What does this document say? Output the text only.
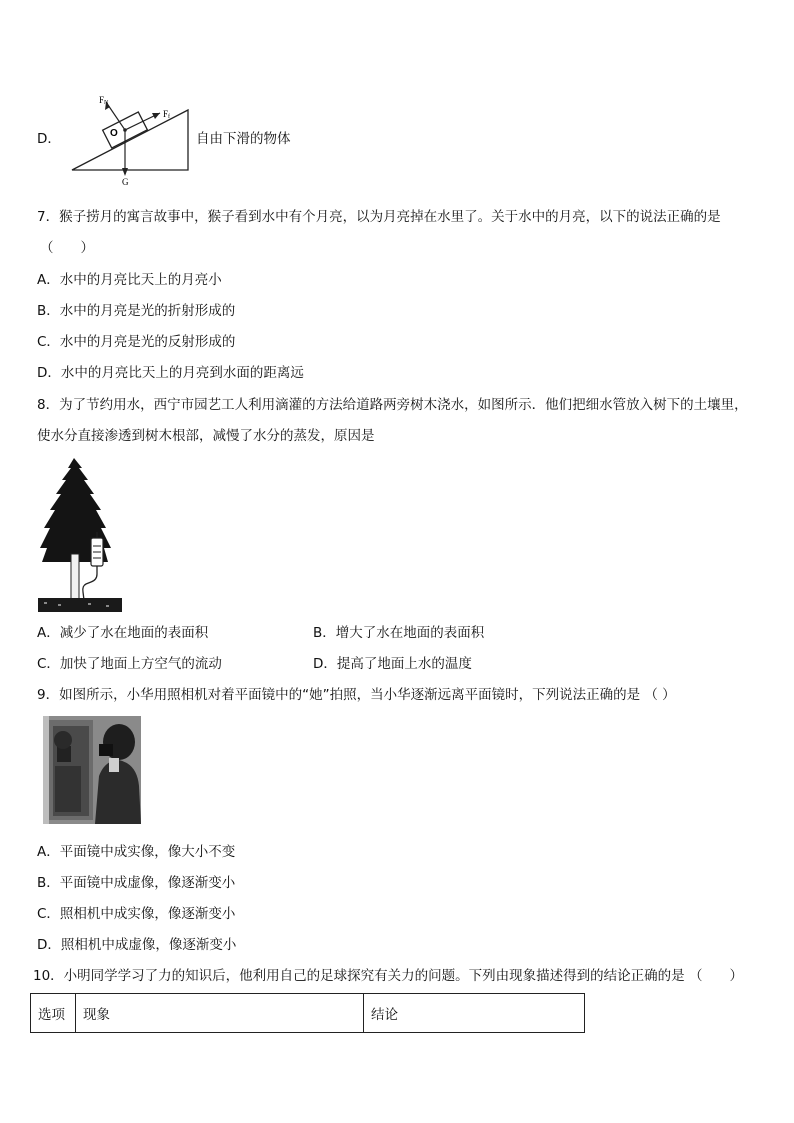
D．
FN
Ff
O
G
自由下滑的物体
7．猴子捞月的寓言故事中，猴子看到水中有个月亮，以为月亮掉在水里了。关于水中的月亮，以下的说法正确的是
（　　）
A．水中的月亮比天上的月亮小
B．水中的月亮是光的折射形成的
C．水中的月亮是光的反射形成的
D．水中的月亮比天上的月亮到水面的距离远
8．为了节约用水，西宁市园艺工人利用滴灌的方法给道路两旁树木浇水，如图所示．他们把细水管放入树下的土壤里，
使水分直接渗透到树木根部，减慢了水分的蒸发，原因是
A．减少了水在地面的表面积	B．增大了水在地面的表面积
C．加快了地面上方空气的流动	D．提高了地面上水的温度
9．如图所示，小华用照相机对着平面镜中的“她”拍照，当小华逐渐远离平面镜时，下列说法正确的是 （ ）
A．平面镜中成实像，像大小不变
B．平面镜中成虚像，像逐渐变小
C．照相机中成实像，像逐渐变小
D．照相机中成虚像，像逐渐变小
10．小明同学学习了力的知识后，他利用自己的足球探究有关力的问题。下列由现象描述得到的结论正确的是 （　　）
选项	现象	结论
